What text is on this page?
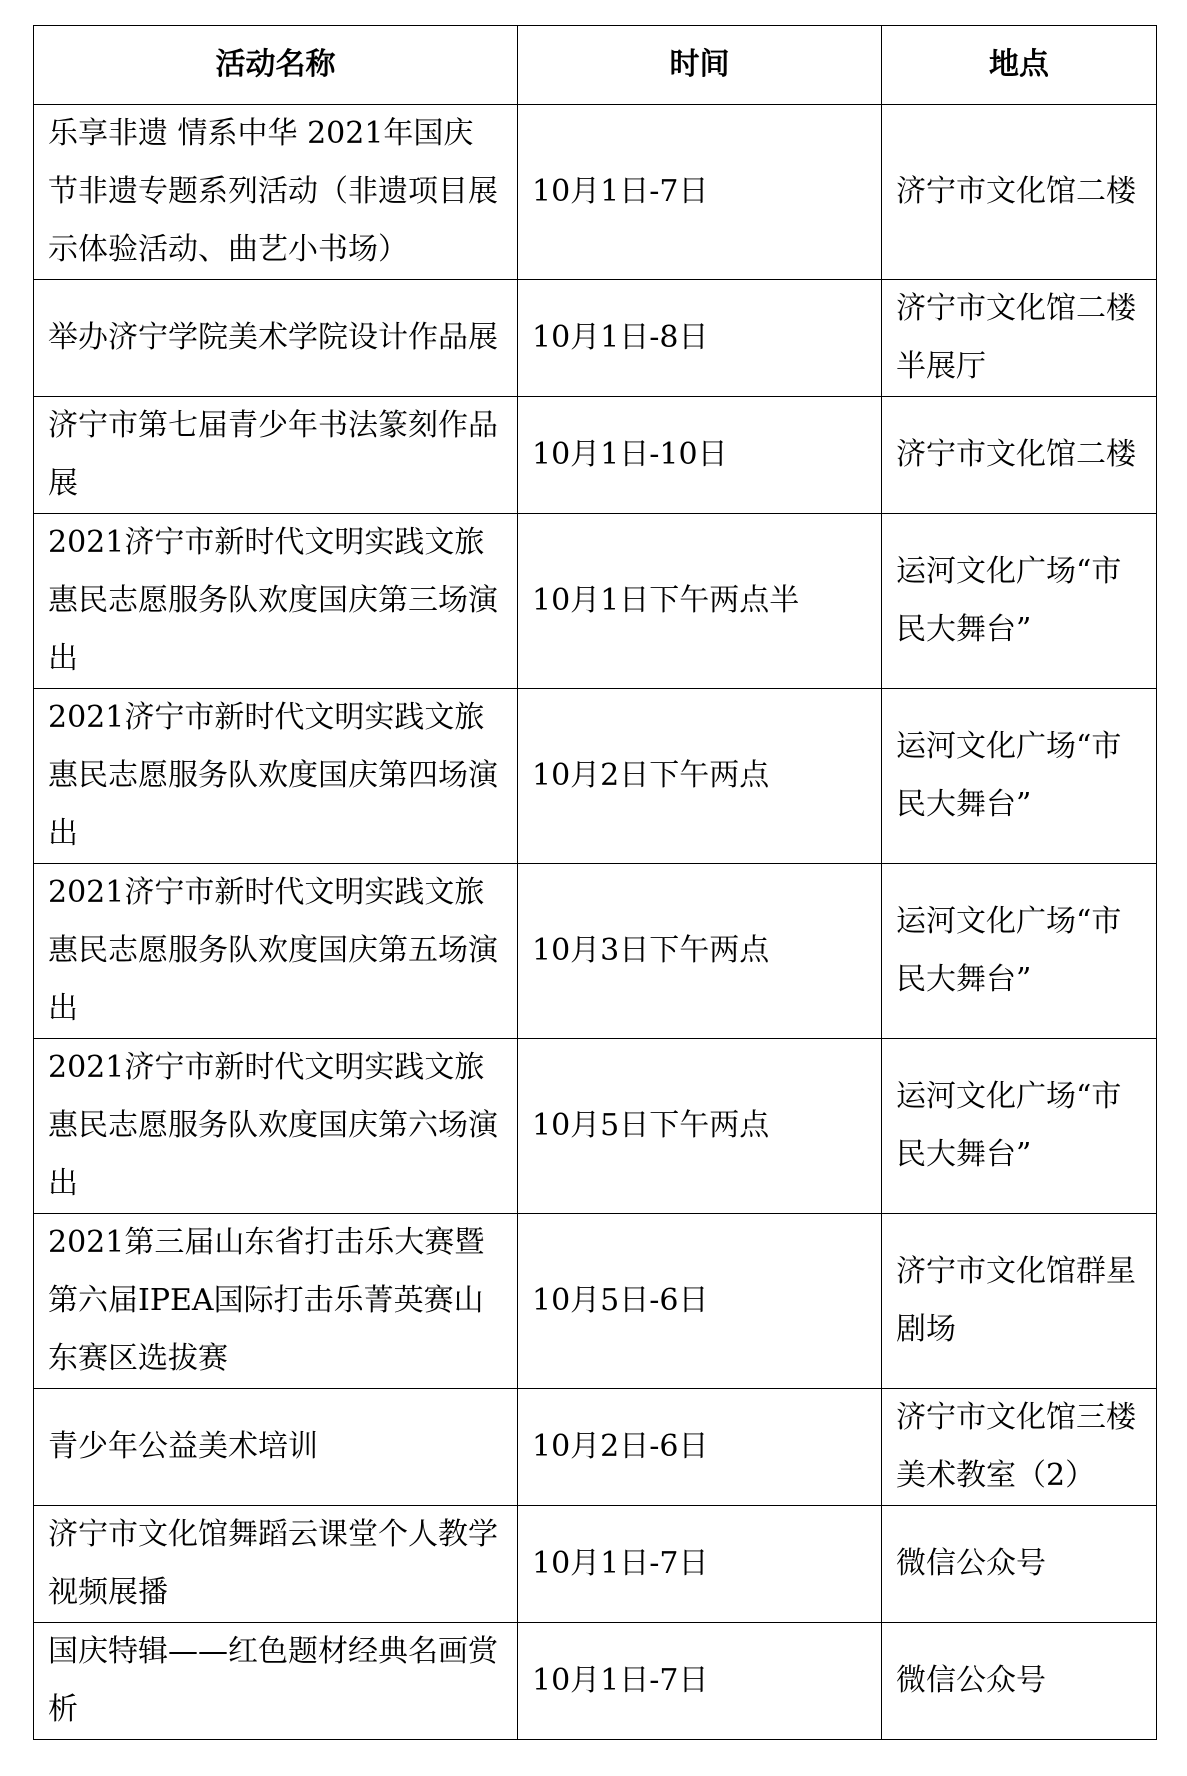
活动名称	时间	地点
乐享非遗 情系中华 2021年国庆节非遗专题系列活动（非遗项目展示体验活动、曲艺小书场）	10月1日-7日	济宁市文化馆二楼
举办济宁学院美术学院设计作品展	10月1日-8日	济宁市文化馆二楼半展厅
济宁市第七届青少年书法篆刻作品展	10月1日-10日	济宁市文化馆二楼
2021济宁市新时代文明实践文旅惠民志愿服务队欢度国庆第三场演出	10月1日下午两点半	运河文化广场“市民大舞台”
2021济宁市新时代文明实践文旅惠民志愿服务队欢度国庆第四场演出	10月2日下午两点	运河文化广场“市民大舞台”
2021济宁市新时代文明实践文旅惠民志愿服务队欢度国庆第五场演出	10月3日下午两点	运河文化广场“市民大舞台”
2021济宁市新时代文明实践文旅惠民志愿服务队欢度国庆第六场演出	10月5日下午两点	运河文化广场“市民大舞台”
2021第三届山东省打击乐大赛暨第六届IPEA国际打击乐菁英赛山东赛区选拔赛	10月5日-6日	济宁市文化馆群星剧场
青少年公益美术培训	10月2日-6日	济宁市文化馆三楼美术教室（2）
济宁市文化馆舞蹈云课堂个人教学视频展播	10月1日-7日	微信公众号
国庆特辑——红色题材经典名画赏析	10月1日-7日	微信公众号
